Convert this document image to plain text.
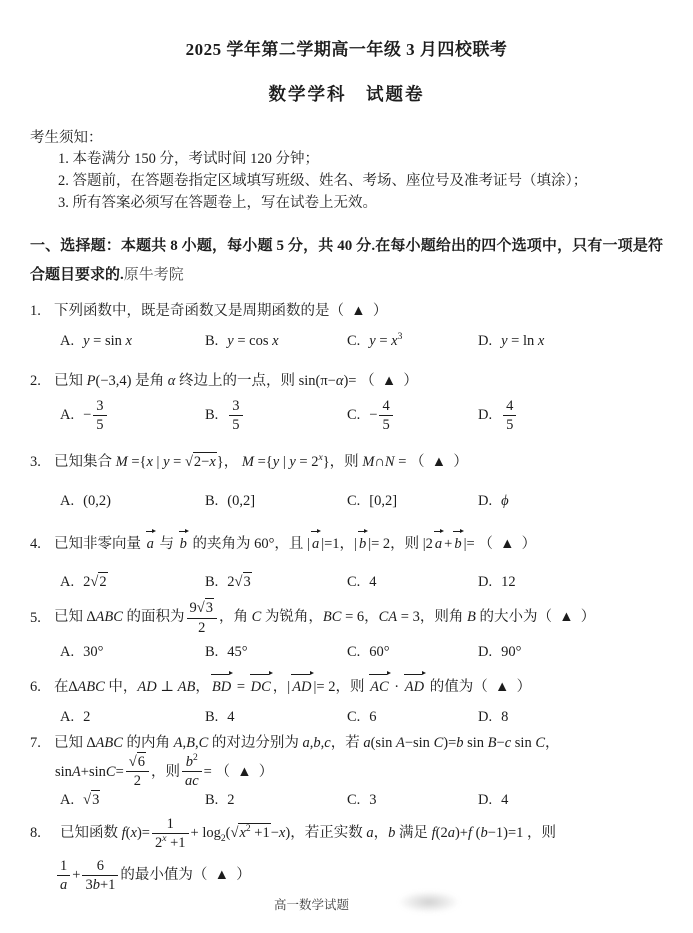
2025 学年第二学期高一年级 3 月四校联考
数学学科　试题卷
考生须知：
1. 本卷满分 150 分，考试时间 120 分钟；
2. 答题前，在答题卷指定区域填写班级、姓名、考场、座位号及准考证号（填涂）；
3. 所有答案必须写在答题卷上，写在试卷上无效。
一、选择题：本题共 8 小题，每小题 5 分，共 40 分.在每小题给出的四个选项中，只有一项是符合题目要求的.原牛考院
1. 下列函数中，既是奇函数又是周期函数的是（  ▲  ）
A. y = sin x	B. y = cos x	C. $y = x^3$	D. y = ln x
2. 已知 P(−3,4) 是角 α 终边上的一点，则 sin(π−α)= （  ▲  ）
A. − $\frac{3}{5}$	B. $\frac{3}{5}$	C. − $\frac{4}{5}$	D. $\frac{4}{5}$
3. 已知集合 M ={x | y = √2−x}， M ={y | $y = 2^x$}，则 M∩N = （  ▲  ）
A. (0,2)	B. (0,2]	C. [0,2]	D. ϕ
4. 已知非零向量 a 与 b 的夹角为 60°，且 | a |=1，| b |= 2，则 |2 a + b |= （  ▲  ）
A. 2√2	B. 2√3	C. 4	D. 12
5. 已知 ∆ABC 的面积为 $\frac{9√3}{2}$ ，角 C 为锐角，BC = 6，CA = 3，则角 B 的大小为（  ▲  ）
A. 30°	B. 45°	C. 60°	D. 90°
6. 在∆ABC 中，AD ⊥ AB， BD = DC ，| AD |= 2，则 AC · AD 的值为（  ▲  ）
A. 2	B. 4	C. 6	D. 8
7. 已知 ∆ABC 的内角 A,B,C 的对边分别为 a,b,c，若 a(sin A−sin C)=b sin B−c sin C，
sin A +sin $C = \frac{√6}{2}$ ，则 $\frac{b^2}{ac}$ = （  ▲  ）
A. √3	B. 2	C. 3	D. 4
8.	已知函数 $f(x)= \frac{1}{2^x +1} + \log_2(√x^2 +1-x)$，若正实数 a，b 满足 f(2a)+f (b−1)=1 ，则
$\frac{1}{a} + \frac{6}{3b+1}$ 的最小值为（  ▲  ）
高一数学试题
